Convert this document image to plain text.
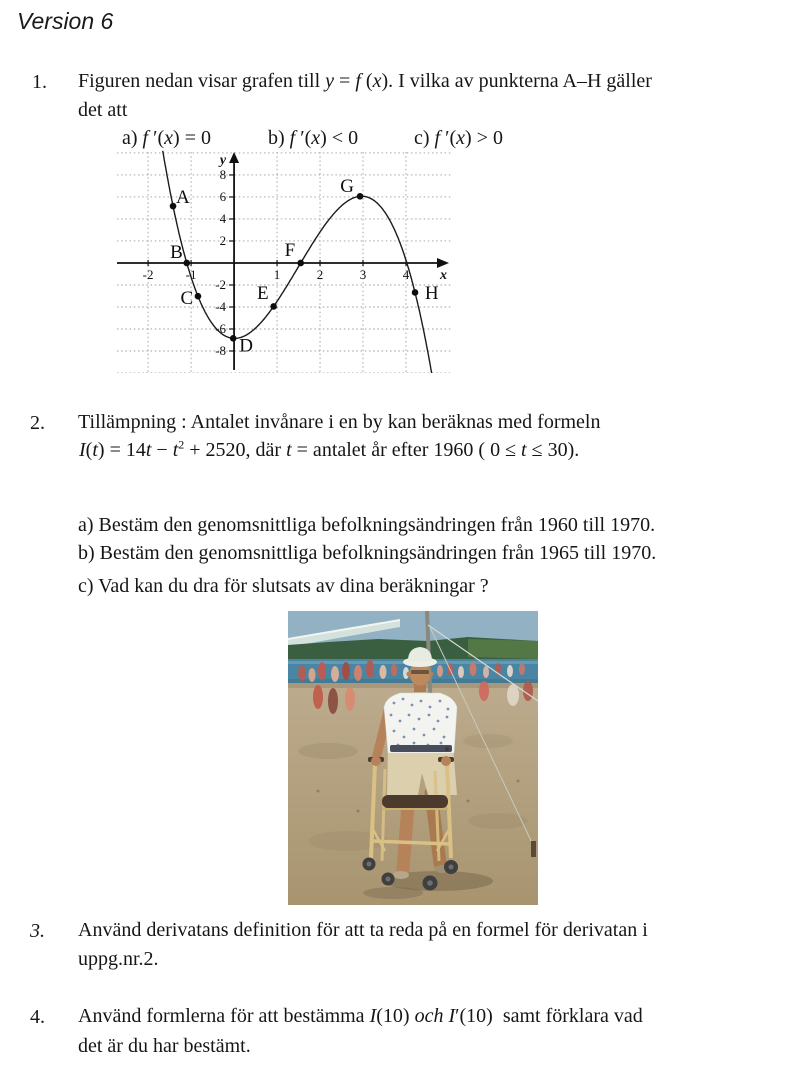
Version 6
1. Figuren nedan visar grafen till y = f (x). I vilka av punkterna A–H gäller
det att
a) f ′(x) = 0	b) f ′(x) < 0	c) f ′(x) > 0
y
x
-2 -1	1	2	3	4
8
6
4
2
-2
-4
-6
-8
A
B
C
D
E
F
G
H
2. Tillämpning : Antalet invånare i en by kan beräknas med formeln
$I(t) = 14t - t^2 + 2520$, där t = antalet år efter 1960 ( 0 ≤ t ≤ 30).
a) Bestäm den genomsnittliga befolkningsändringen från 1960 till 1970.
b) Bestäm den genomsnittliga befolkningsändringen från 1965 till 1970.
c) Vad kan du dra för slutsats av dina beräkningar ?
3. Använd derivatans definition för att ta reda på en formel för derivatan i
uppg.nr.2.
4. Använd formlerna för att bestämma I(10) och I′(10)  samt förklara vad
det är du har bestämt.
